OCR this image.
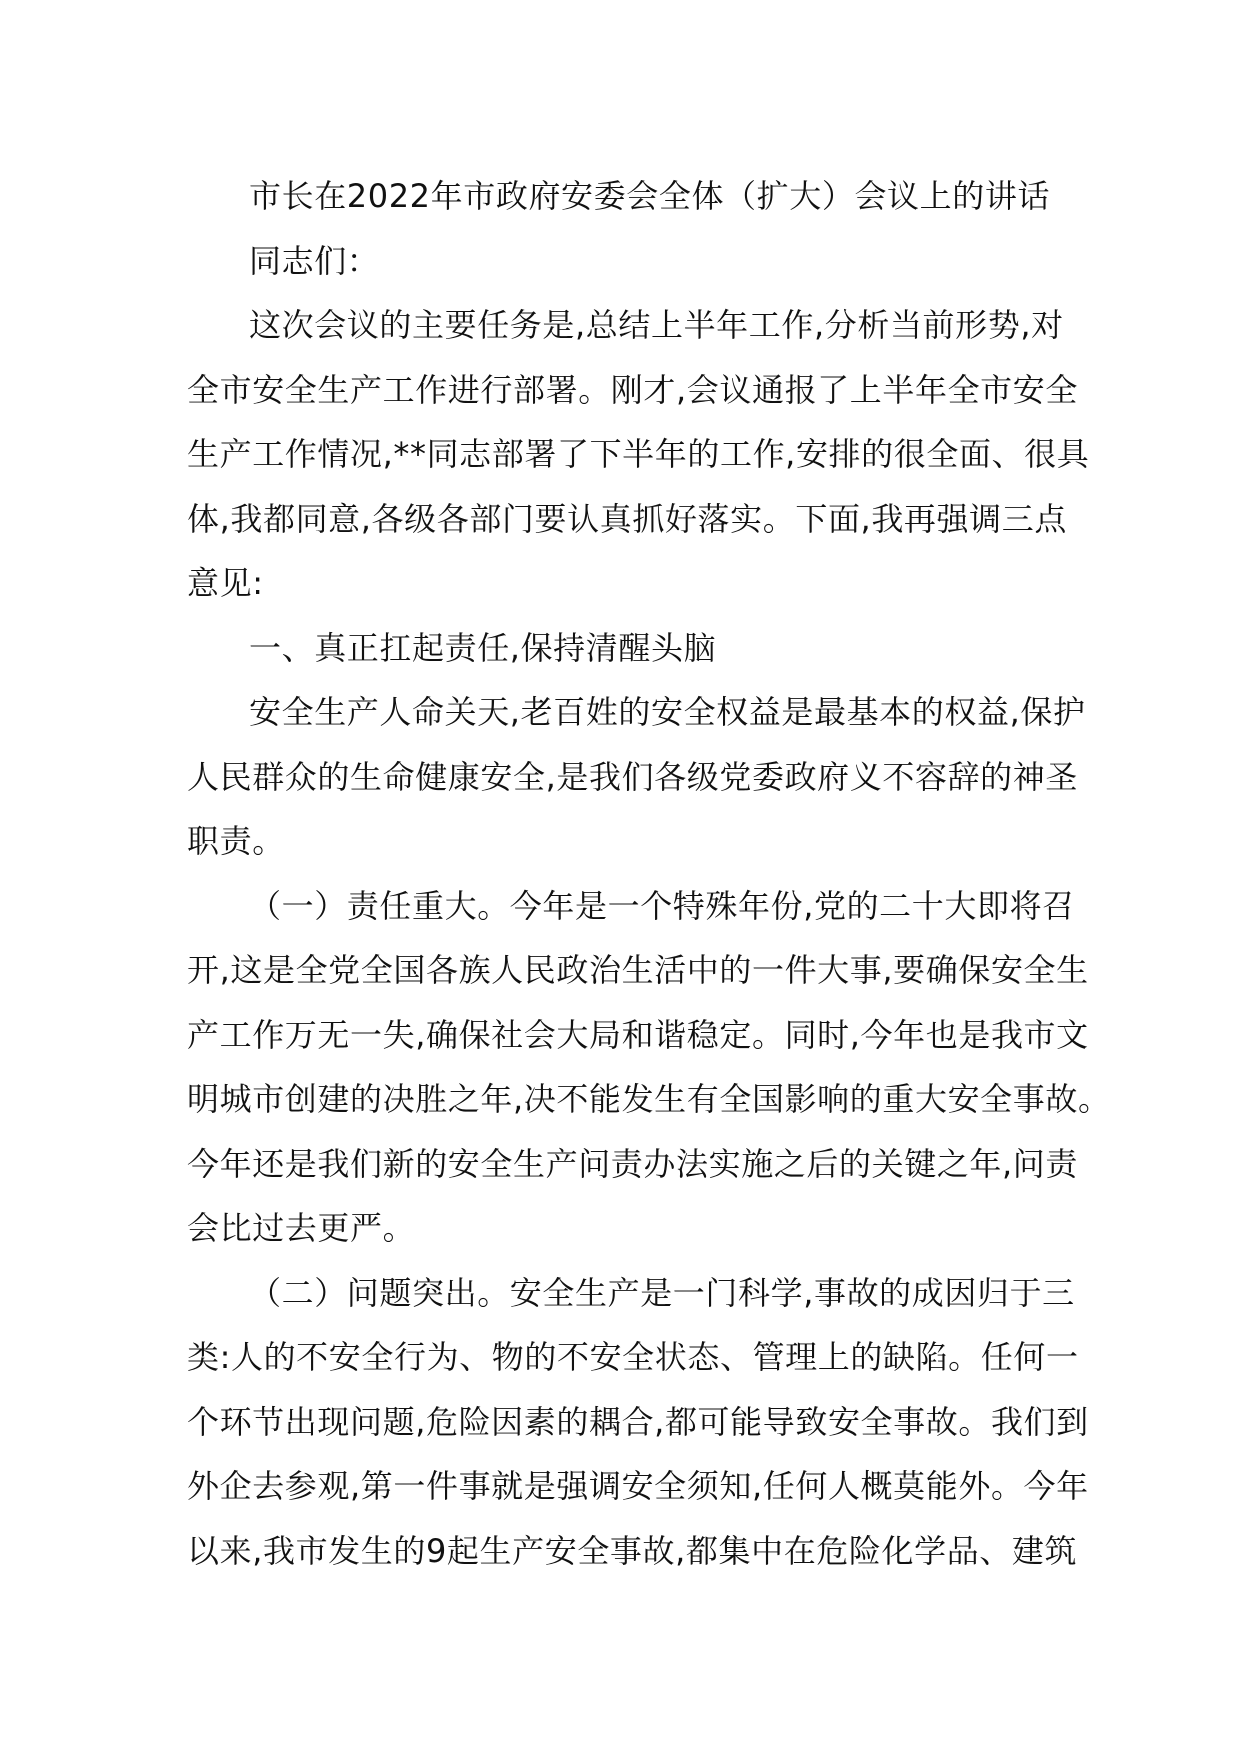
市长在2022年市政府安委会全体（扩大）会议上的讲话
同志们：
这次会议的主要任务是,总结上半年工作,分析当前形势,对
全市安全生产工作进行部署。刚才,会议通报了上半年全市安全
生产工作情况,**同志部署了下半年的工作,安排的很全面、很具
体,我都同意,各级各部门要认真抓好落实。下面,我再强调三点
意见:
一、真正扛起责任,保持清醒头脑
安全生产人命关天,老百姓的安全权益是最基本的权益,保护
人民群众的生命健康安全,是我们各级党委政府义不容辞的神圣
职责。
（一）责任重大。今年是一个特殊年份,党的二十大即将召
开,这是全党全国各族人民政治生活中的一件大事,要确保安全生
产工作万无一失,确保社会大局和谐稳定。同时,今年也是我市文
明城市创建的决胜之年,决不能发生有全国影响的重大安全事故。
今年还是我们新的安全生产问责办法实施之后的关键之年,问责
会比过去更严。
（二）问题突出。安全生产是一门科学,事故的成因归于三
类:人的不安全行为、物的不安全状态、管理上的缺陷。任何一
个环节出现问题,危险因素的耦合,都可能导致安全事故。我们到
外企去参观,第一件事就是强调安全须知,任何人概莫能外。今年
以来,我市发生的9起生产安全事故,都集中在危险化学品、建筑
